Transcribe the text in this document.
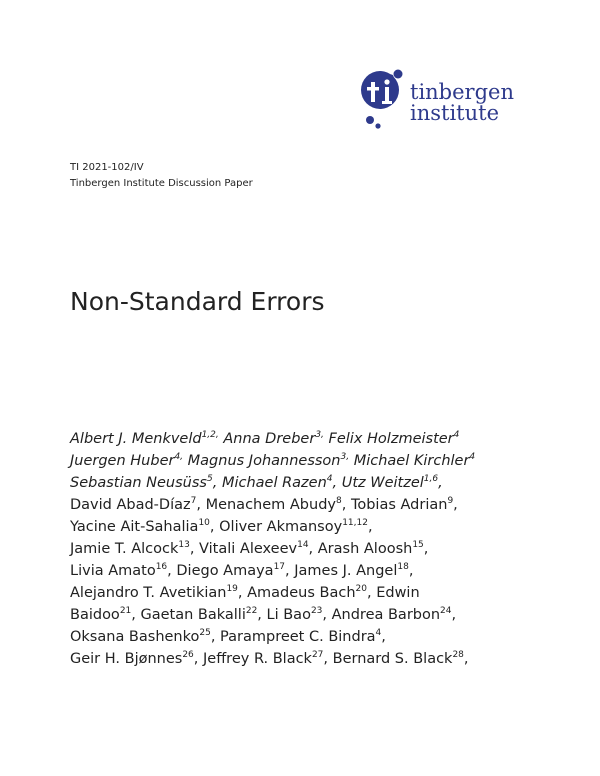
tinbergen
institute
TI 2021-102/IV
Tinbergen Institute Discussion Paper
Non-Standard Errors
Albert J. Menkveld$^{1,2,}$ Anna Dreber$^{3,}$ Felix Holzmeister$^4$
Juergen Huber$^{4,}$ Magnus Johannesson$^{3,}$ Michael Kirchler$^4$
Sebastian Neusüss$^5$, Michael Razen$^4$, Utz Weitzel$^{1,6}$,
David Abad-Díaz$^7$, Menachem Abudy$^8$, Tobias Adrian$^9$,
Yacine Ait-Sahalia$^{10}$, Oliver Akmansoy$^{11,12}$,
Jamie T. Alcock$^{13}$, Vitali Alexeev$^{14}$, Arash Aloosh$^{15}$,
Livia Amato$^{16}$, Diego Amaya$^{17}$, James J. Angel$^{18}$,
Alejandro T. Avetikian$^{19}$, Amadeus Bach$^{20}$, Edwin
Baidoo$^{21}$, Gaetan Bakalli$^{22}$, Li Bao$^{23}$, Andrea Barbon$^{24}$,
Oksana Bashenko$^{25}$, Parampreet C. Bindra$^4$,
Geir H. Bjønnes$^{26}$, Jeffrey R. Black$^{27}$, Bernard S. Black$^{28}$,
